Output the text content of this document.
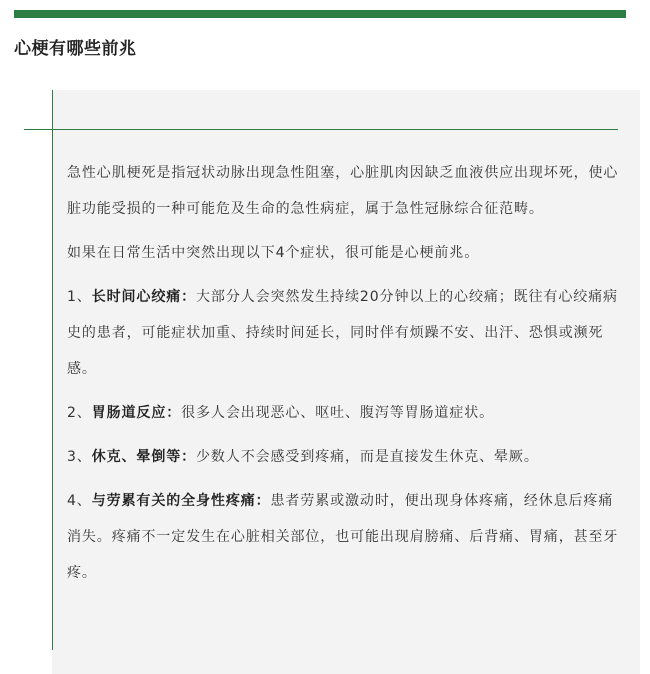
心梗有哪些前兆

急性心肌梗死是指冠状动脉出现急性阻塞，心脏肌肉因缺乏血液供应出现坏死，使心脏功能受损的一种可能危及生命的急性病症，属于急性冠脉综合征范畴。

如果在日常生活中突然出现以下4个症状，很可能是心梗前兆。

1、长时间心绞痛：大部分人会突然发生持续20分钟以上的心绞痛；既往有心绞痛病史的患者，可能症状加重、持续时间延长，同时伴有烦躁不安、出汗、恐惧或濒死感。

2、胃肠道反应：很多人会出现恶心、呕吐、腹泻等胃肠道症状。

3、休克、晕倒等：少数人不会感受到疼痛，而是直接发生休克、晕厥。

4、与劳累有关的全身性疼痛：患者劳累或激动时，便出现身体疼痛，经休息后疼痛消失。疼痛不一定发生在心脏相关部位，也可能出现肩膀痛、后背痛、胃痛，甚至牙疼。
